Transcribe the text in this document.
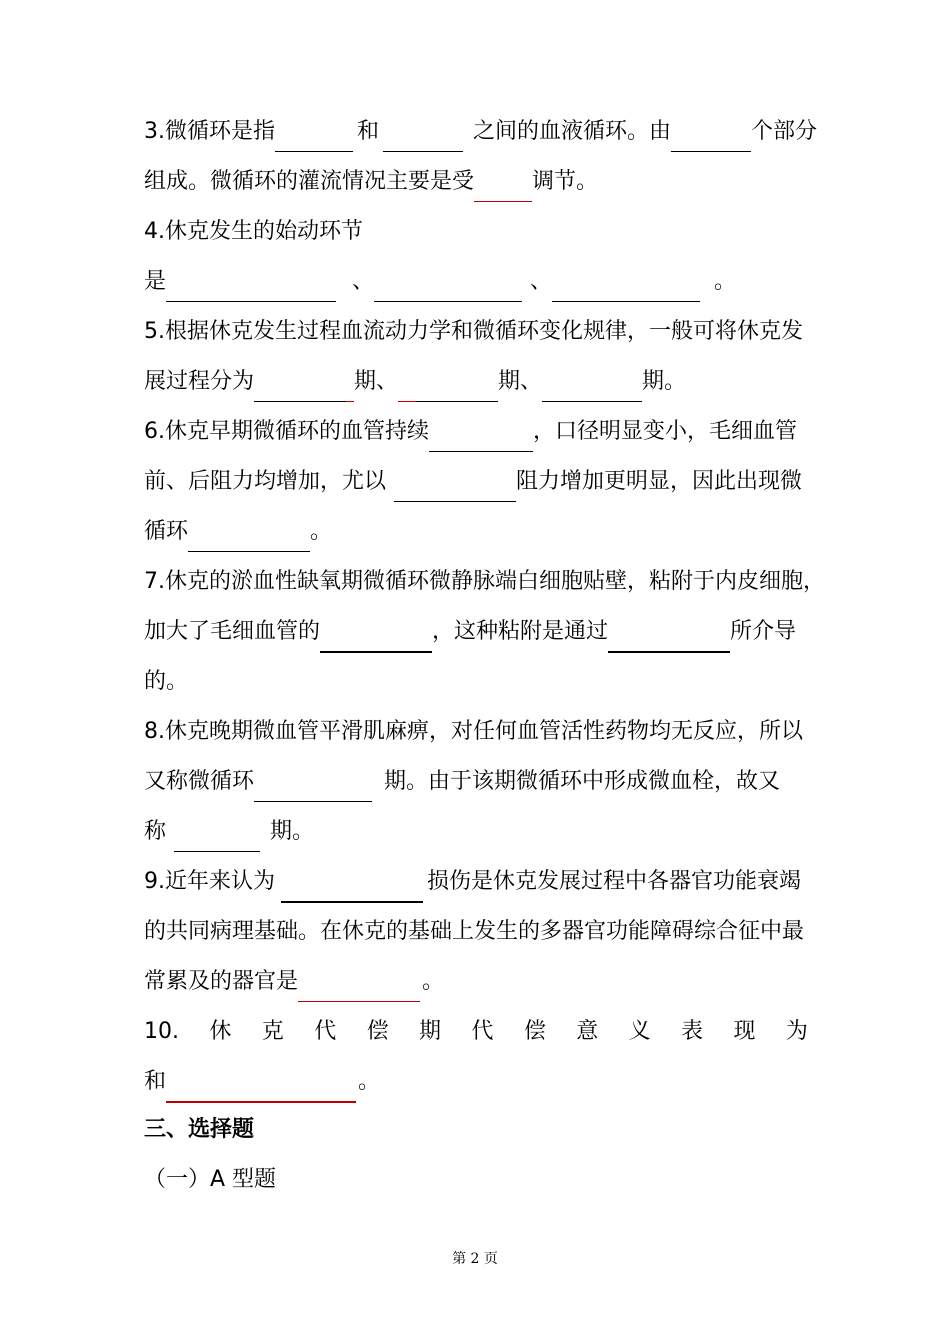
3.微循环是指	和	之间的血液循环。由	个部分
组成。微循环的灌流情况主要是受	调节。
4.休克发生的始动环节
是	、	、	。
5.根据休克发生过程血流动力学和微循环变化规律，一般可将休克发
展过程分为	期、	期、	期。
6.休克早期微循环的血管持续	，口径明显变小，毛细血管
前、后阻力均增加，尤以	阻力增加更明显，因此出现微
循环	。
7.休克的淤血性缺氧期微循环微静脉端白细胞贴壁，粘附于内皮细胞，
加大了毛细血管的	，这种粘附是通过	所介导
的。
8.休克晚期微血管平滑肌麻痹，对任何血管活性药物均无反应，所以
又称微循环	期。由于该期微循环中形成微血栓，故又
称	期。
9.近年来认为	损伤是休克发展过程中各器官功能衰竭
的共同病理基础。在休克的基础上发生的多器官功能障碍综合征中最
常累及的器官是	。
10. 休 克 代 偿 期 代 偿 意 义 表 现 为
和	。
三、选择题
（一）A 型题
第 2 页
